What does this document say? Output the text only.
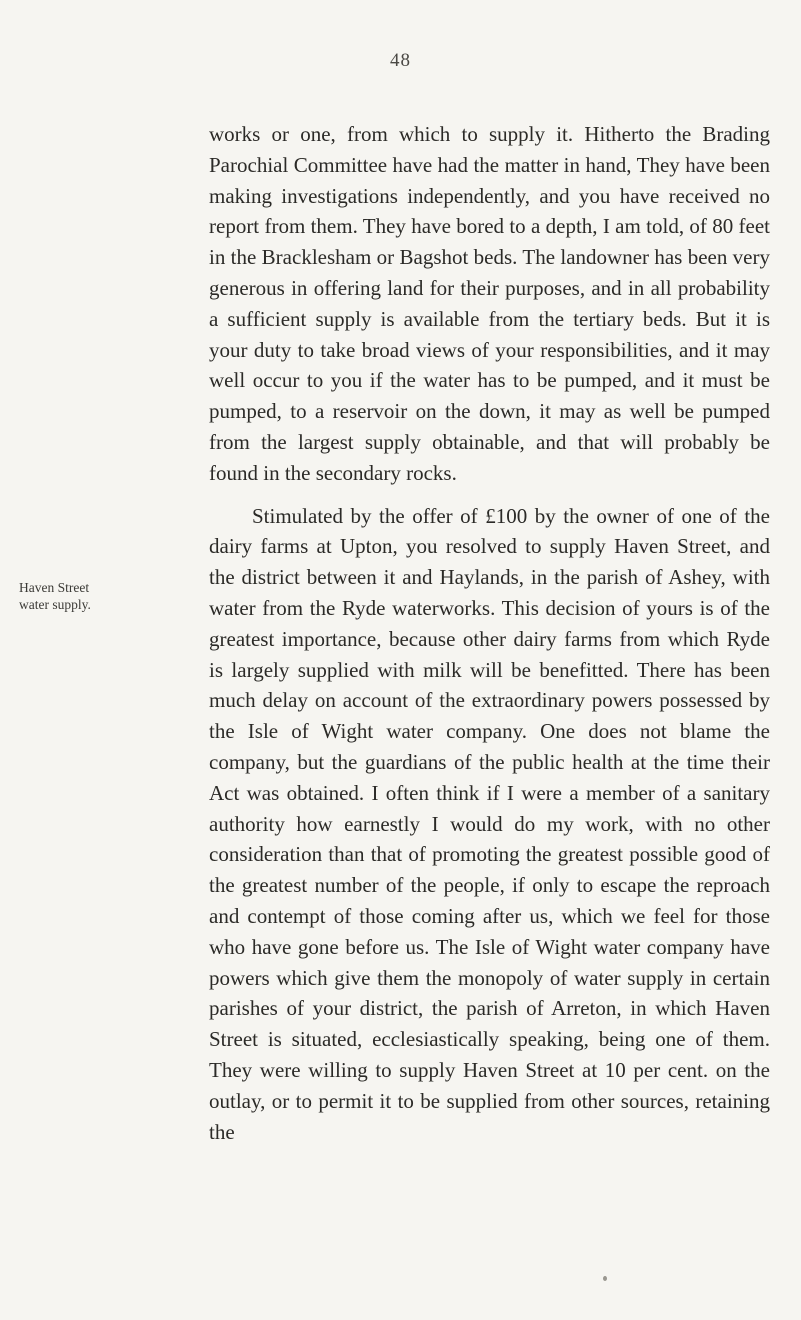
48
Haven Street
water supply.

works or one, from which to supply it. Hitherto the Brading Parochial Committee have had the matter in hand, They have been making investigations independently, and you have received no report from them. They have bored to a depth, I am told, of 80 feet in the Bracklesham or Bagshot beds. The landowner has been very generous in offering land for their purposes, and in all probability a sufficient supply is available from the tertiary beds. But it is your duty to take broad views of your responsibilities, and it may well occur to you if the water has to be pumped, and it must be pumped, to a reservoir on the down, it may as well be pumped from the largest supply obtainable, and that will probably be found in the secondary rocks.

Stimulated by the offer of £100 by the owner of one of the dairy farms at Upton, you resolved to supply Haven Street, and the district between it and Haylands, in the parish of Ashey, with water from the Ryde waterworks. This decision of yours is of the greatest importance, because other dairy farms from which Ryde is largely supplied with milk will be benefitted. There has been much delay on account of the extraordinary powers possessed by the Isle of Wight water company. One does not blame the company, but the guardians of the public health at the time their Act was obtained. I often think if I were a member of a sanitary authority how earnestly I would do my work, with no other consideration than that of promoting the greatest possible good of the greatest number of the people, if only to escape the reproach and contempt of those coming after us, which we feel for those who have gone before us. The Isle of Wight water company have powers which give them the monopoly of water supply in certain parishes of your district, the parish of Arreton, in which Haven Street is situated, ecclesiastically speaking, being one of them. They were willing to supply Haven Street at 10 per cent. on the outlay, or to permit it to be supplied from other sources, retaining the
